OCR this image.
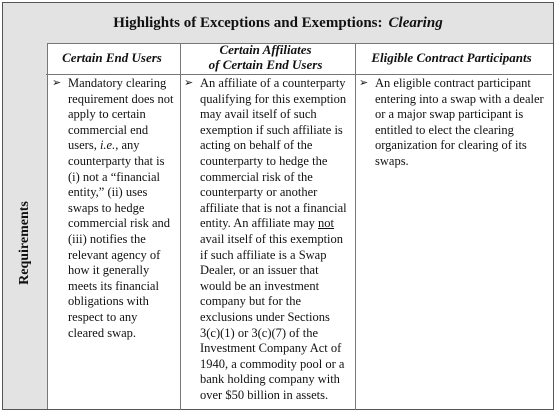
Highlights of Exceptions and Exemptions: Clearing
Requirements
Certain End Users	Certain Affiliates
of Certain End Users	Eligible Contract Participants
➢ Mandatory clearing requirement does not apply to certain commercial end users, i.e., any counterparty that is (i) not a “financial entity,” (ii) uses swaps to hedge commercial risk and (iii) notifies the relevant agency of how it generally meets its financial obligations with respect to any cleared swap.
➢ An affiliate of a counterparty qualifying for this exemption may avail itself of such exemption if such affiliate is acting on behalf of the counterparty to hedge the commercial risk of the counterparty or another affiliate that is not a financial entity. An affiliate may not avail itself of this exemption if such affiliate is a Swap Dealer, or an issuer that would be an investment company but for the exclusions under Sections 3(c)(1) or 3(c)(7) of the Investment Company Act of 1940, a commodity pool or a bank holding company with over $50 billion in assets.
➢ An eligible contract participant entering into a swap with a dealer or a major swap participant is entitled to elect the clearing organization for clearing of its swaps.
